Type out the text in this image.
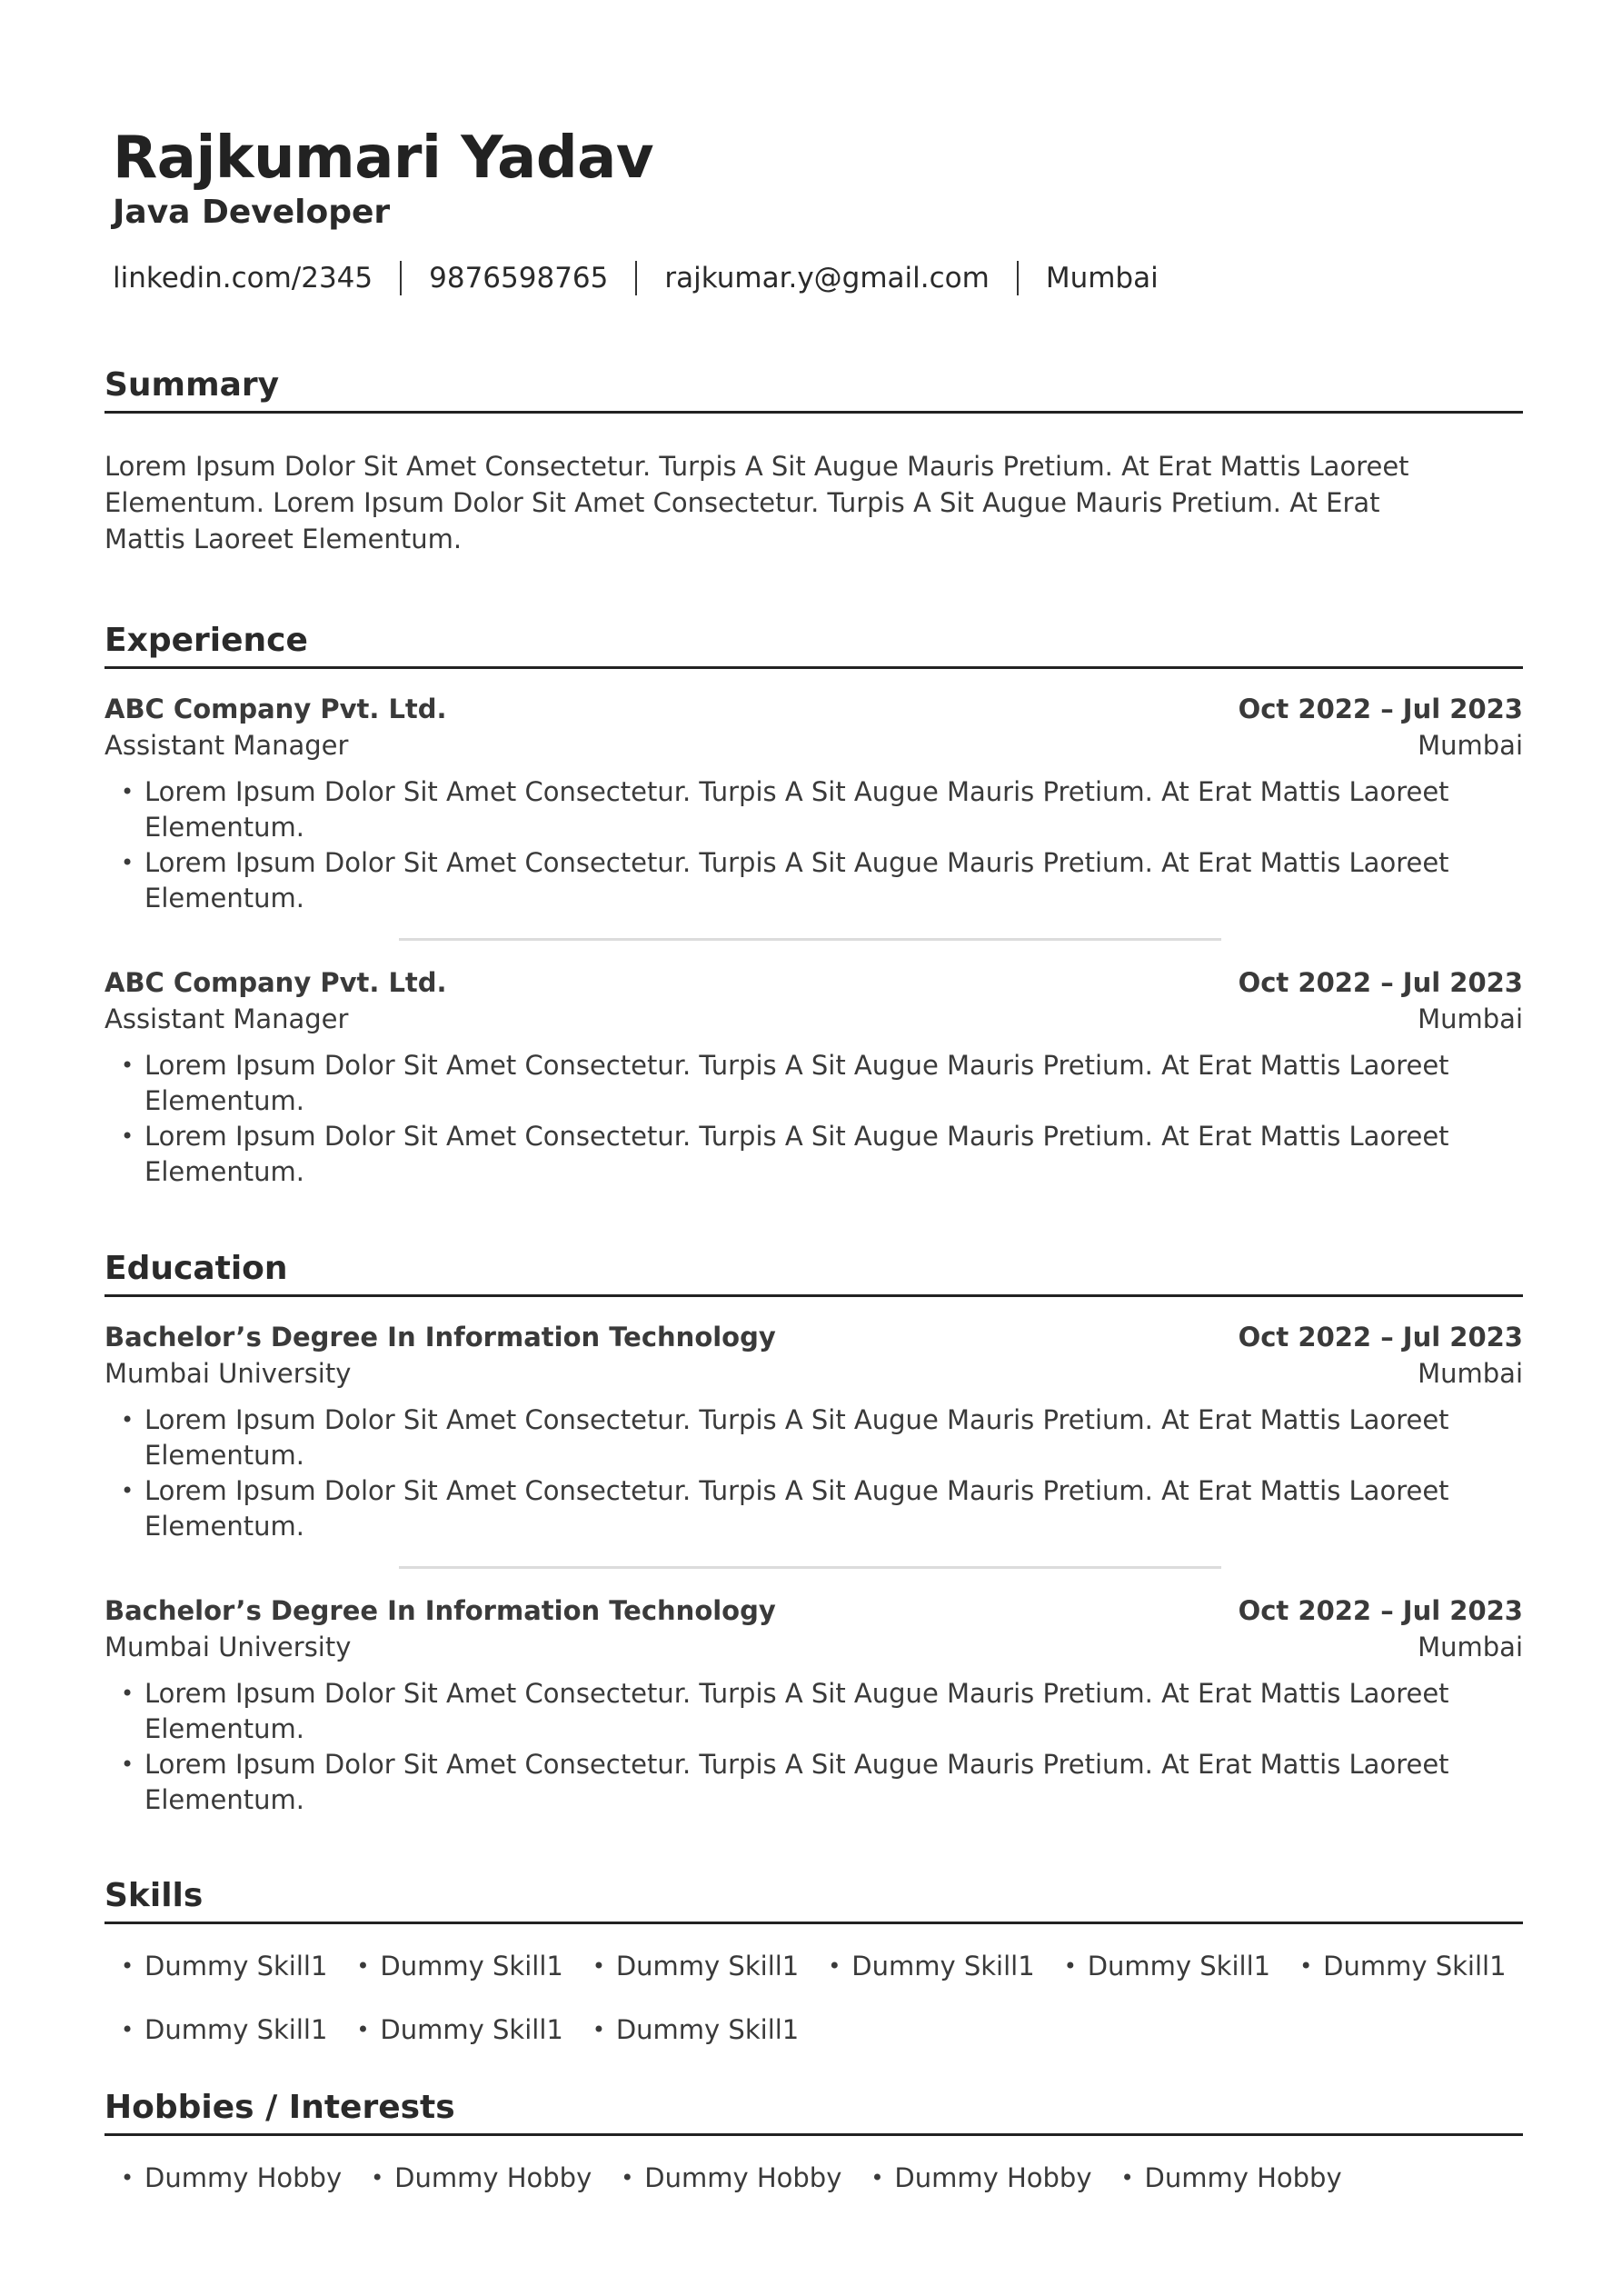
Rajkumari Yadav
Java Developer
linkedin.com/2345 9876598765 rajkumar.y@gmail.com Mumbai
Summary
Lorem Ipsum Dolor Sit Amet Consectetur. Turpis A Sit Augue Mauris Pretium. At Erat Mattis Laoreet Elementum. Lorem Ipsum Dolor Sit Amet Consectetur. Turpis A Sit Augue Mauris Pretium. At Erat Mattis Laoreet Elementum.
Experience
ABC Company Pvt. Ltd.	Oct 2022 – Jul 2023
Assistant Manager	Mumbai
• Lorem Ipsum Dolor Sit Amet Consectetur. Turpis A Sit Augue Mauris Pretium. At Erat Mattis Laoreet Elementum.
• Lorem Ipsum Dolor Sit Amet Consectetur. Turpis A Sit Augue Mauris Pretium. At Erat Mattis Laoreet Elementum.
ABC Company Pvt. Ltd.	Oct 2022 – Jul 2023
Assistant Manager	Mumbai
• Lorem Ipsum Dolor Sit Amet Consectetur. Turpis A Sit Augue Mauris Pretium. At Erat Mattis Laoreet Elementum.
• Lorem Ipsum Dolor Sit Amet Consectetur. Turpis A Sit Augue Mauris Pretium. At Erat Mattis Laoreet Elementum.
Education
Bachelor’s Degree In Information Technology	Oct 2022 – Jul 2023
Mumbai University	Mumbai
• Lorem Ipsum Dolor Sit Amet Consectetur. Turpis A Sit Augue Mauris Pretium. At Erat Mattis Laoreet Elementum.
• Lorem Ipsum Dolor Sit Amet Consectetur. Turpis A Sit Augue Mauris Pretium. At Erat Mattis Laoreet Elementum.
Bachelor’s Degree In Information Technology	Oct 2022 – Jul 2023
Mumbai University	Mumbai
• Lorem Ipsum Dolor Sit Amet Consectetur. Turpis A Sit Augue Mauris Pretium. At Erat Mattis Laoreet Elementum.
• Lorem Ipsum Dolor Sit Amet Consectetur. Turpis A Sit Augue Mauris Pretium. At Erat Mattis Laoreet Elementum.
Skills
• Dummy Skill1	• Dummy Skill1	• Dummy Skill1	• Dummy Skill1	• Dummy Skill1	• Dummy Skill1
• Dummy Skill1	• Dummy Skill1	• Dummy Skill1
Hobbies / Interests
• Dummy Hobby	• Dummy Hobby	• Dummy Hobby	• Dummy Hobby	• Dummy Hobby
